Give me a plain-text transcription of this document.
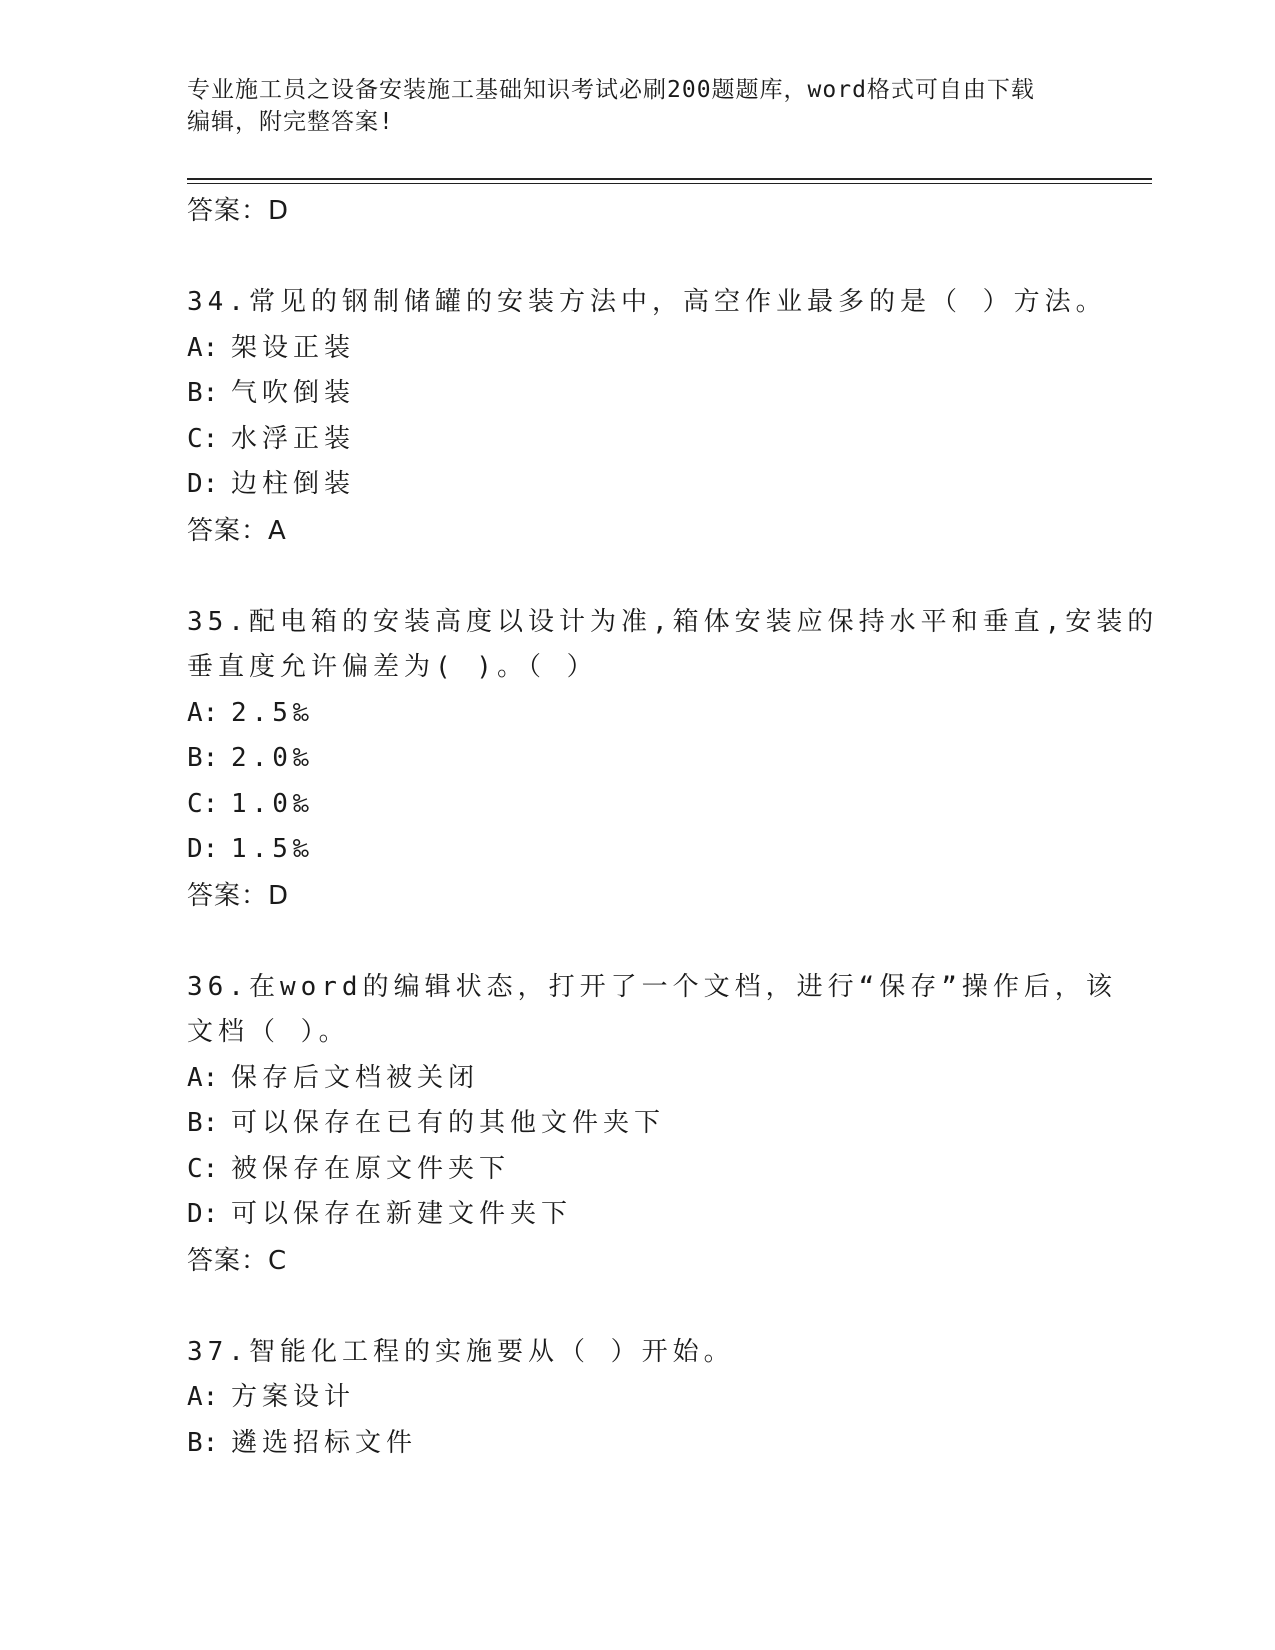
专业施工员之设备安装施工基础知识考试必刷200题题库，word格式可自由下载
编辑，附完整答案!
答案：D
34.常见的钢制储罐的安装方法中，高空作业最多的是（ ）方法。
A: 架设正装
B: 气吹倒装
C: 水浮正装
D: 边柱倒装
答案：A
35.配电箱的安装高度以设计为准,箱体安装应保持水平和垂直,安装的
垂直度允许偏差为( )。（ ）
A: 2.5‰
B: 2.0‰
C: 1.0‰
D: 1.5‰
答案：D
36.在word的编辑状态，打开了一个文档，进行“保存”操作后，该
文档（ ）。
A: 保存后文档被关闭
B: 可以保存在已有的其他文件夹下
C: 被保存在原文件夹下
D: 可以保存在新建文件夹下
答案：C
37.智能化工程的实施要从（ ）开始。
A: 方案设计
B: 遴选招标文件
